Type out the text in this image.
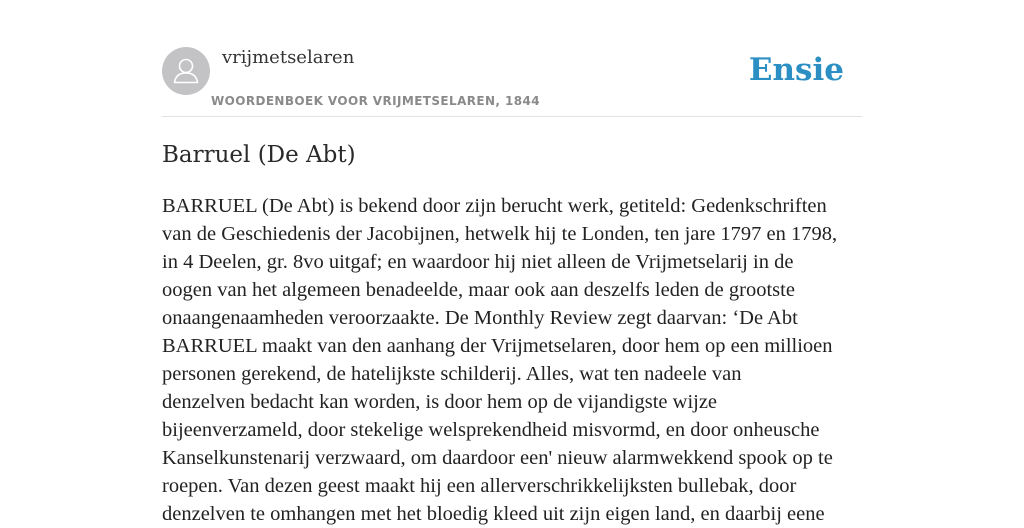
vrijmetselaren
WOORDENBOEK VOOR VRIJMETSELAREN, 1844
Ensie
Barruel (De Abt)
BARRUEL (De Abt) is bekend door zijn berucht werk, getiteld: Gedenkschriften
van de Geschiedenis der Jacobijnen, hetwelk hij te Londen, ten jare 1797 en 1798,
in 4 Deelen, gr. 8vo uitgaf; en waardoor hij niet alleen de Vrijmetselarij in de
oogen van het algemeen benadeelde, maar ook aan deszelfs leden de grootste
onaangenaamheden veroorzaakte. De Monthly Review zegt daarvan: ‘De Abt
BARRUEL maakt van den aanhang der Vrijmetselaren, door hem op een millioen
personen gerekend, de hatelijkste schilderij. Alles, wat ten nadeele van
denzelven bedacht kan worden, is door hem op de vijandigste wijze
bijeenverzameld, door stekelige welsprekendheid misvormd, en door onheusche
Kanselkunstenarij verzwaard, om daardoor een' nieuw alarmwekkend spook op te
roepen. Van dezen geest maakt hij een allerverschrikkelijksten bullebak, door
denzelven te omhangen met het bloedig kleed uit zijn eigen land, en daarbij eene
